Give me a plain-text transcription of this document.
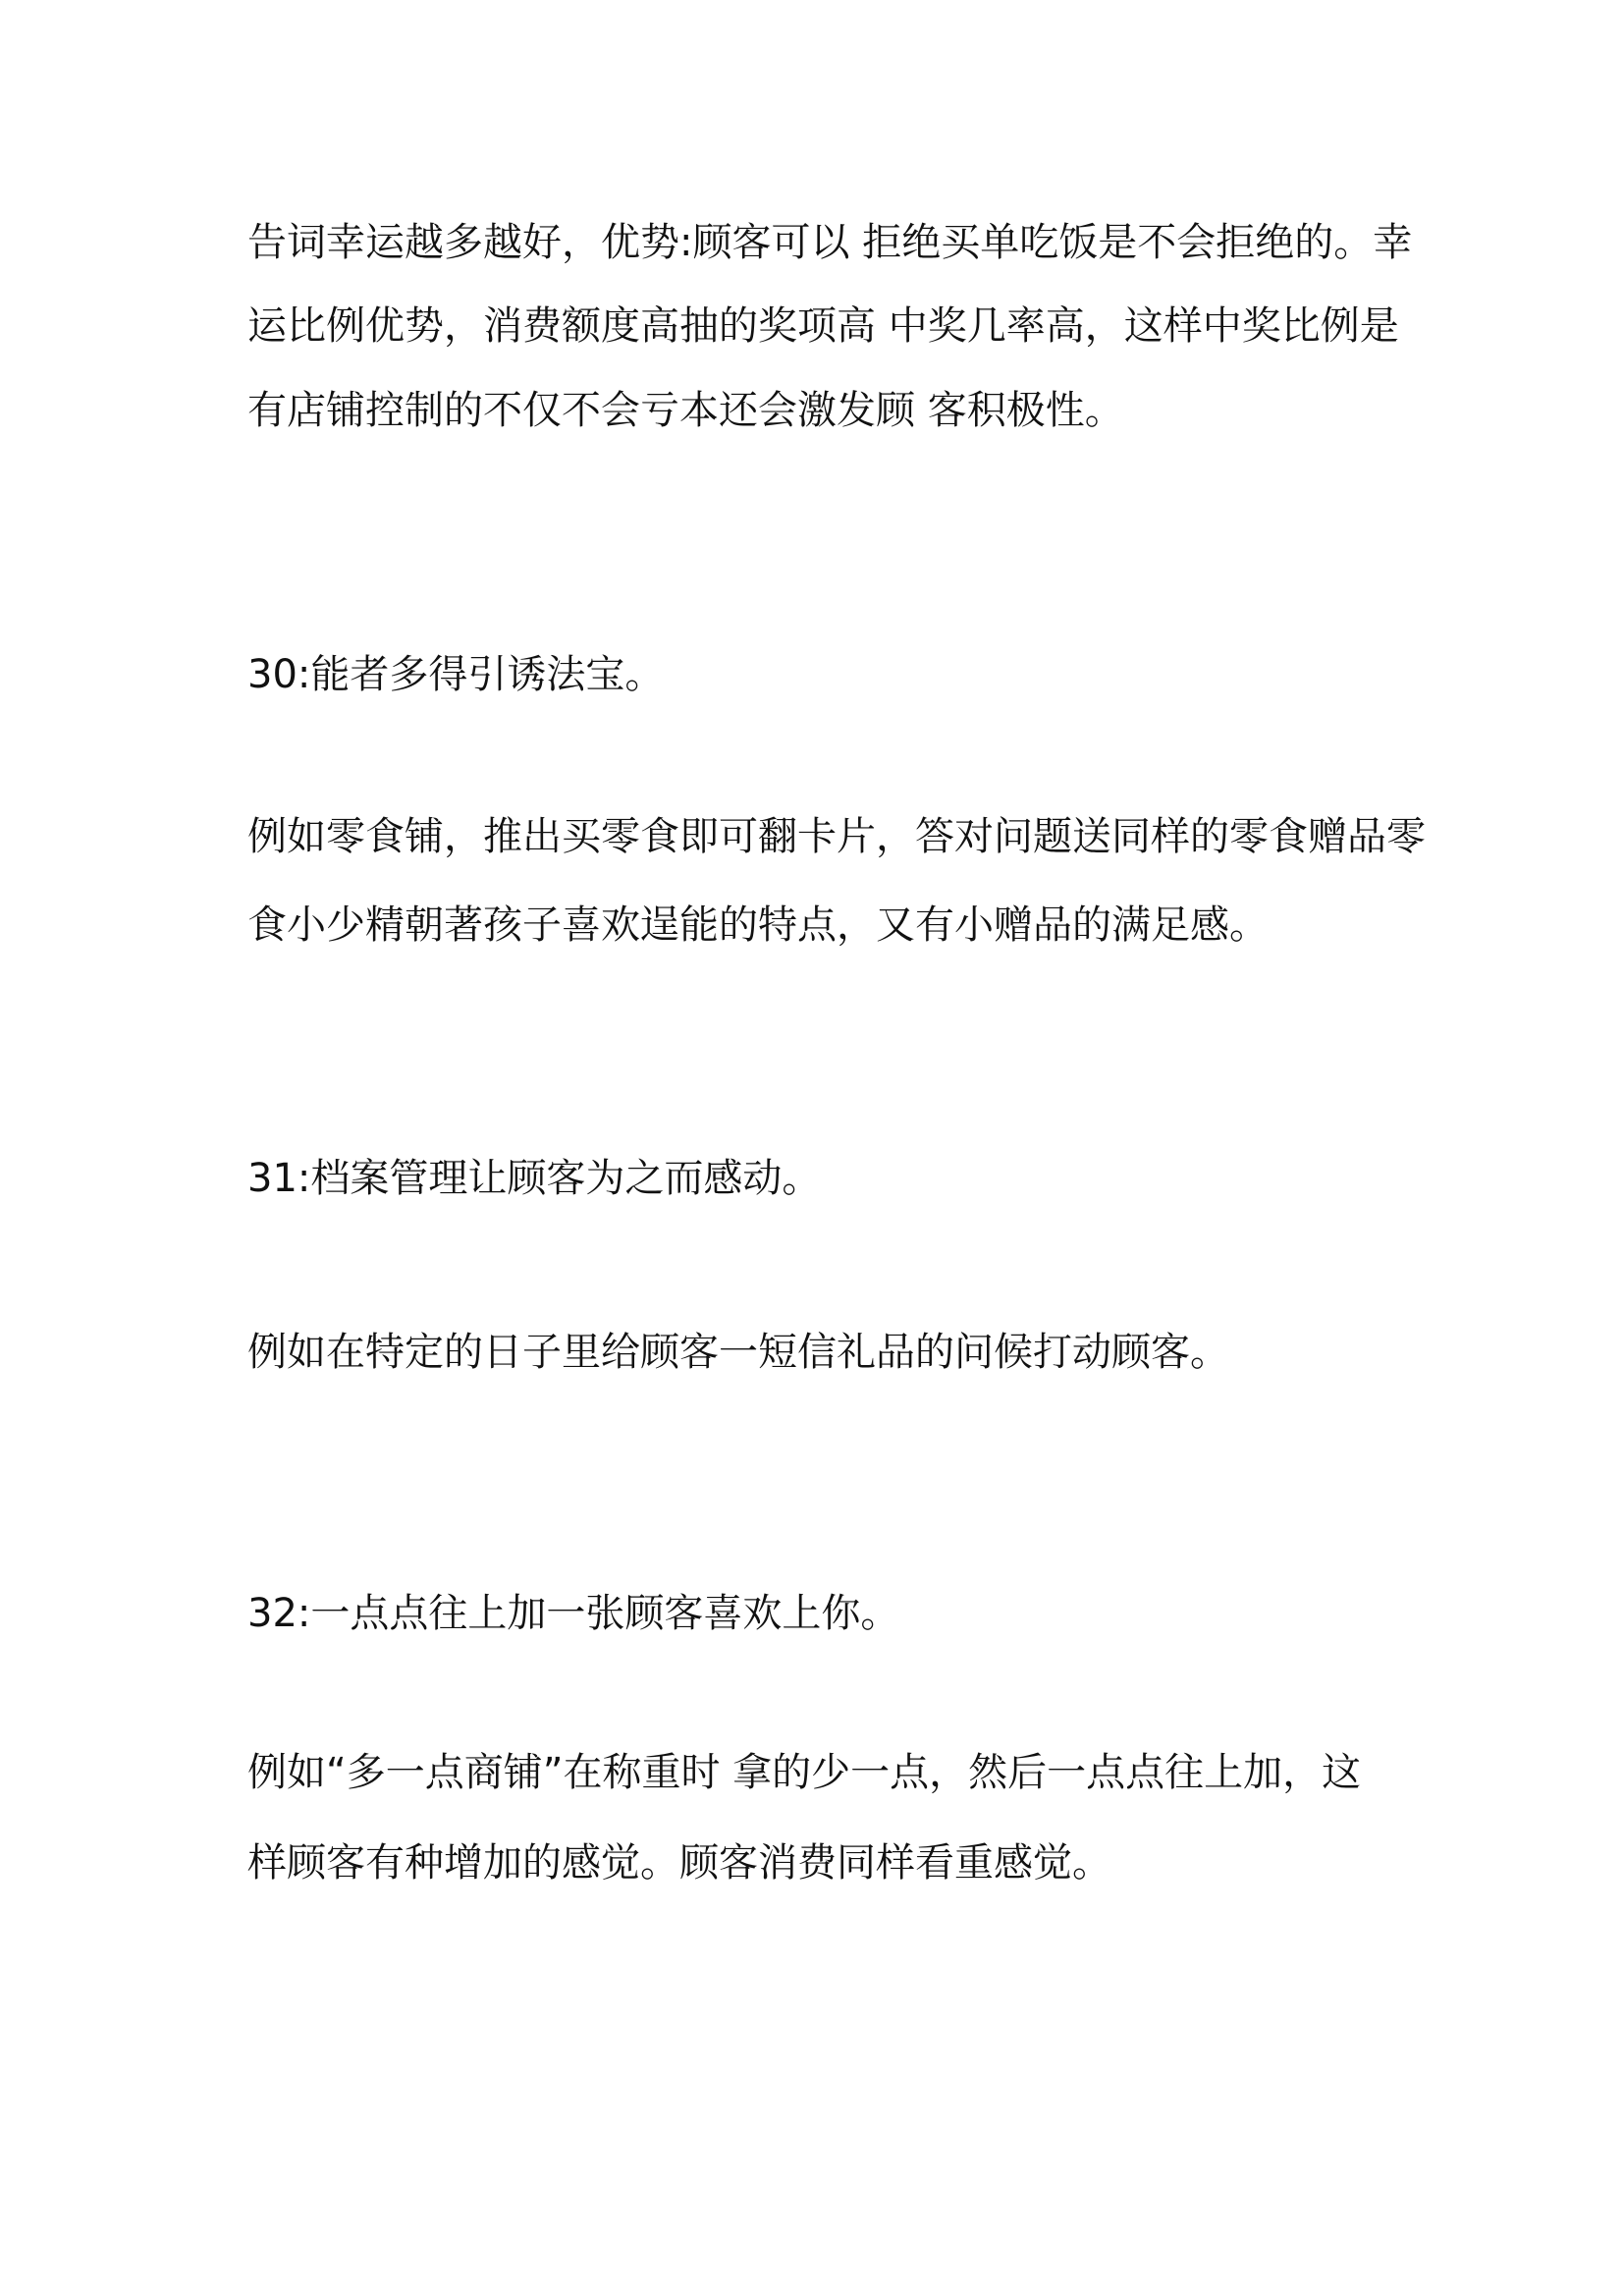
告词幸运越多越好，优势:顾客可以 拒绝买单吃饭是不会拒绝的。幸
运比例优势，消费额度高抽的奖项高 中奖几率高，这样中奖比例是
有店铺控制的不仅不会亏本还会激发顾 客积极性。
30:能者多得引诱法宝。
例如零食铺，推出买零食即可翻卡片，答对问题送同样的零食赠品零
食小少精朝著孩子喜欢逞能的特点，又有小赠品的满足感。
31:档案管理让顾客为之而感动。
例如在特定的日子里给顾客一短信礼品的问候打动顾客。
32:一点点往上加一张顾客喜欢上你。
例如“多一点商铺”在称重时 拿的少一点，然后一点点往上加，这
样顾客有种增加的感觉。顾客消费同样看重感觉。
